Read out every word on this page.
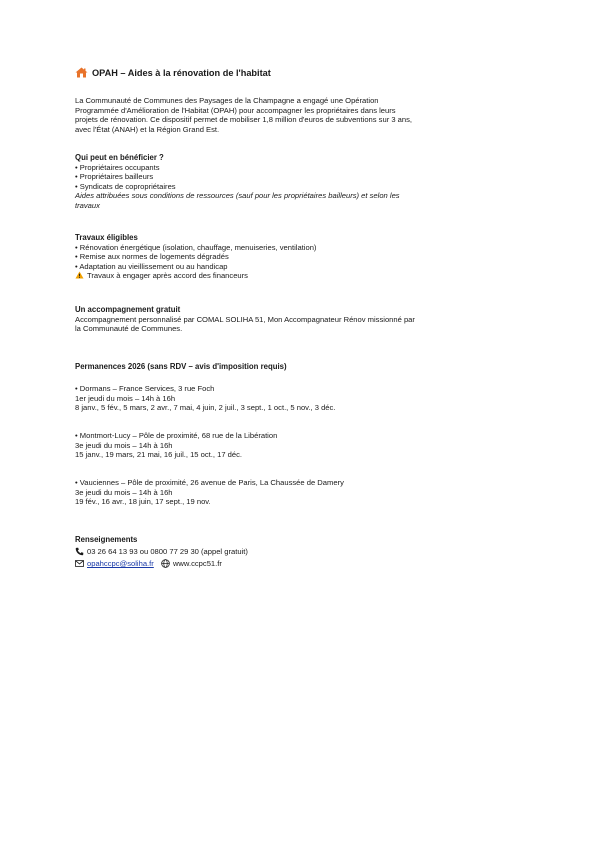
OPAH – Aides à la rénovation de l'habitat

La Communauté de Communes des Paysages de la Champagne a engagé une Opération

Programmée d'Amélioration de l'Habitat (OPAH) pour accompagner les propriétaires dans leurs

projets de rénovation. Ce dispositif permet de mobiliser 1,8 million d'euros de subventions sur 3 ans,

avec l'État (ANAH) et la Région Grand Est.

Qui peut en bénéficier ?

• Propriétaires occupants

• Propriétaires bailleurs

• Syndicats de copropriétaires

Aides attribuées sous conditions de ressources (sauf pour les propriétaires bailleurs) et selon les

travaux

Travaux éligibles

• Rénovation énergétique (isolation, chauffage, menuiseries, ventilation)

• Remise aux normes de logements dégradés

• Adaptation au vieillissement ou au handicap

Travaux à engager après accord des financeurs

Un accompagnement gratuit

Accompagnement personnalisé par COMAL SOLIHA 51, Mon Accompagnateur Rénov missionné par

la Communauté de Communes.

Permanences 2026 (sans RDV – avis d'imposition requis)

• Dormans – France Services, 3 rue Foch

1er jeudi du mois – 14h à 16h

8 janv., 5 fév., 5 mars, 2 avr., 7 mai, 4 juin, 2 juil., 3 sept., 1 oct., 5 nov., 3 déc.

• Montmort-Lucy – Pôle de proximité, 68 rue de la Libération

3e jeudi du mois – 14h à 16h

15 janv., 19 mars, 21 mai, 16 juil., 15 oct., 17 déc.

• Vauciennes – Pôle de proximité, 26 avenue de Paris, La Chaussée de Damery

3e jeudi du mois – 14h à 16h

19 fév., 16 avr., 18 juin, 17 sept., 19 nov.

Renseignements

03 26 64 13 93 ou 0800 77 29 30 (appel gratuit)

opahccpc@soliha.fr	www.ccpc51.fr
